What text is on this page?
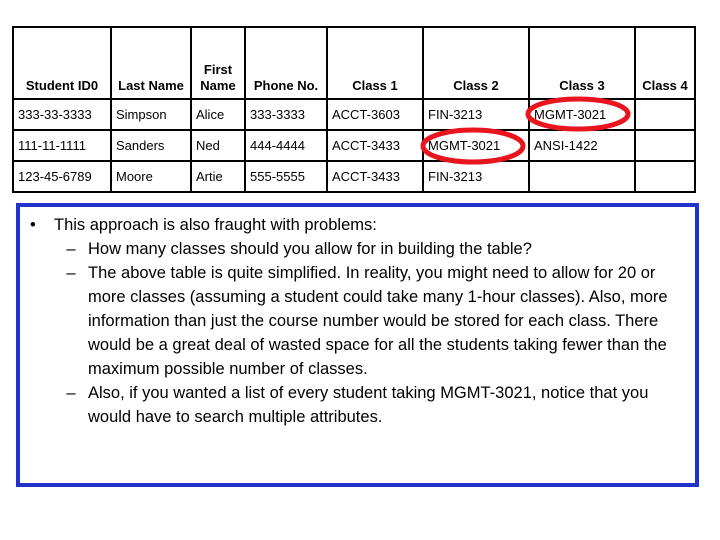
Student ID0	Last Name	First Name	Phone No.	Class 1	Class 2	Class 3	Class 4
333-33-3333	Simpson	Alice	333-3333	ACCT-3603	FIN-3213	MGMT-3021	
111-11-1111	Sanders	Ned	444-4444	ACCT-3433	MGMT-3021	ANSI-1422	
123-45-6789	Moore	Artie	555-5555	ACCT-3433	FIN-3213		
•	This approach is also fraught with problems:
– How many classes should you allow for in building the table?
– The above table is quite simplified. In reality, you might need to allow for 20 or more classes (assuming a student could take many 1-hour classes). Also, more information than just the course number would be stored for each class. There would be a great deal of wasted space for all the students taking fewer than the maximum possible number of classes.
– Also, if you wanted a list of every student taking MGMT-3021, notice that you would have to search multiple attributes.
